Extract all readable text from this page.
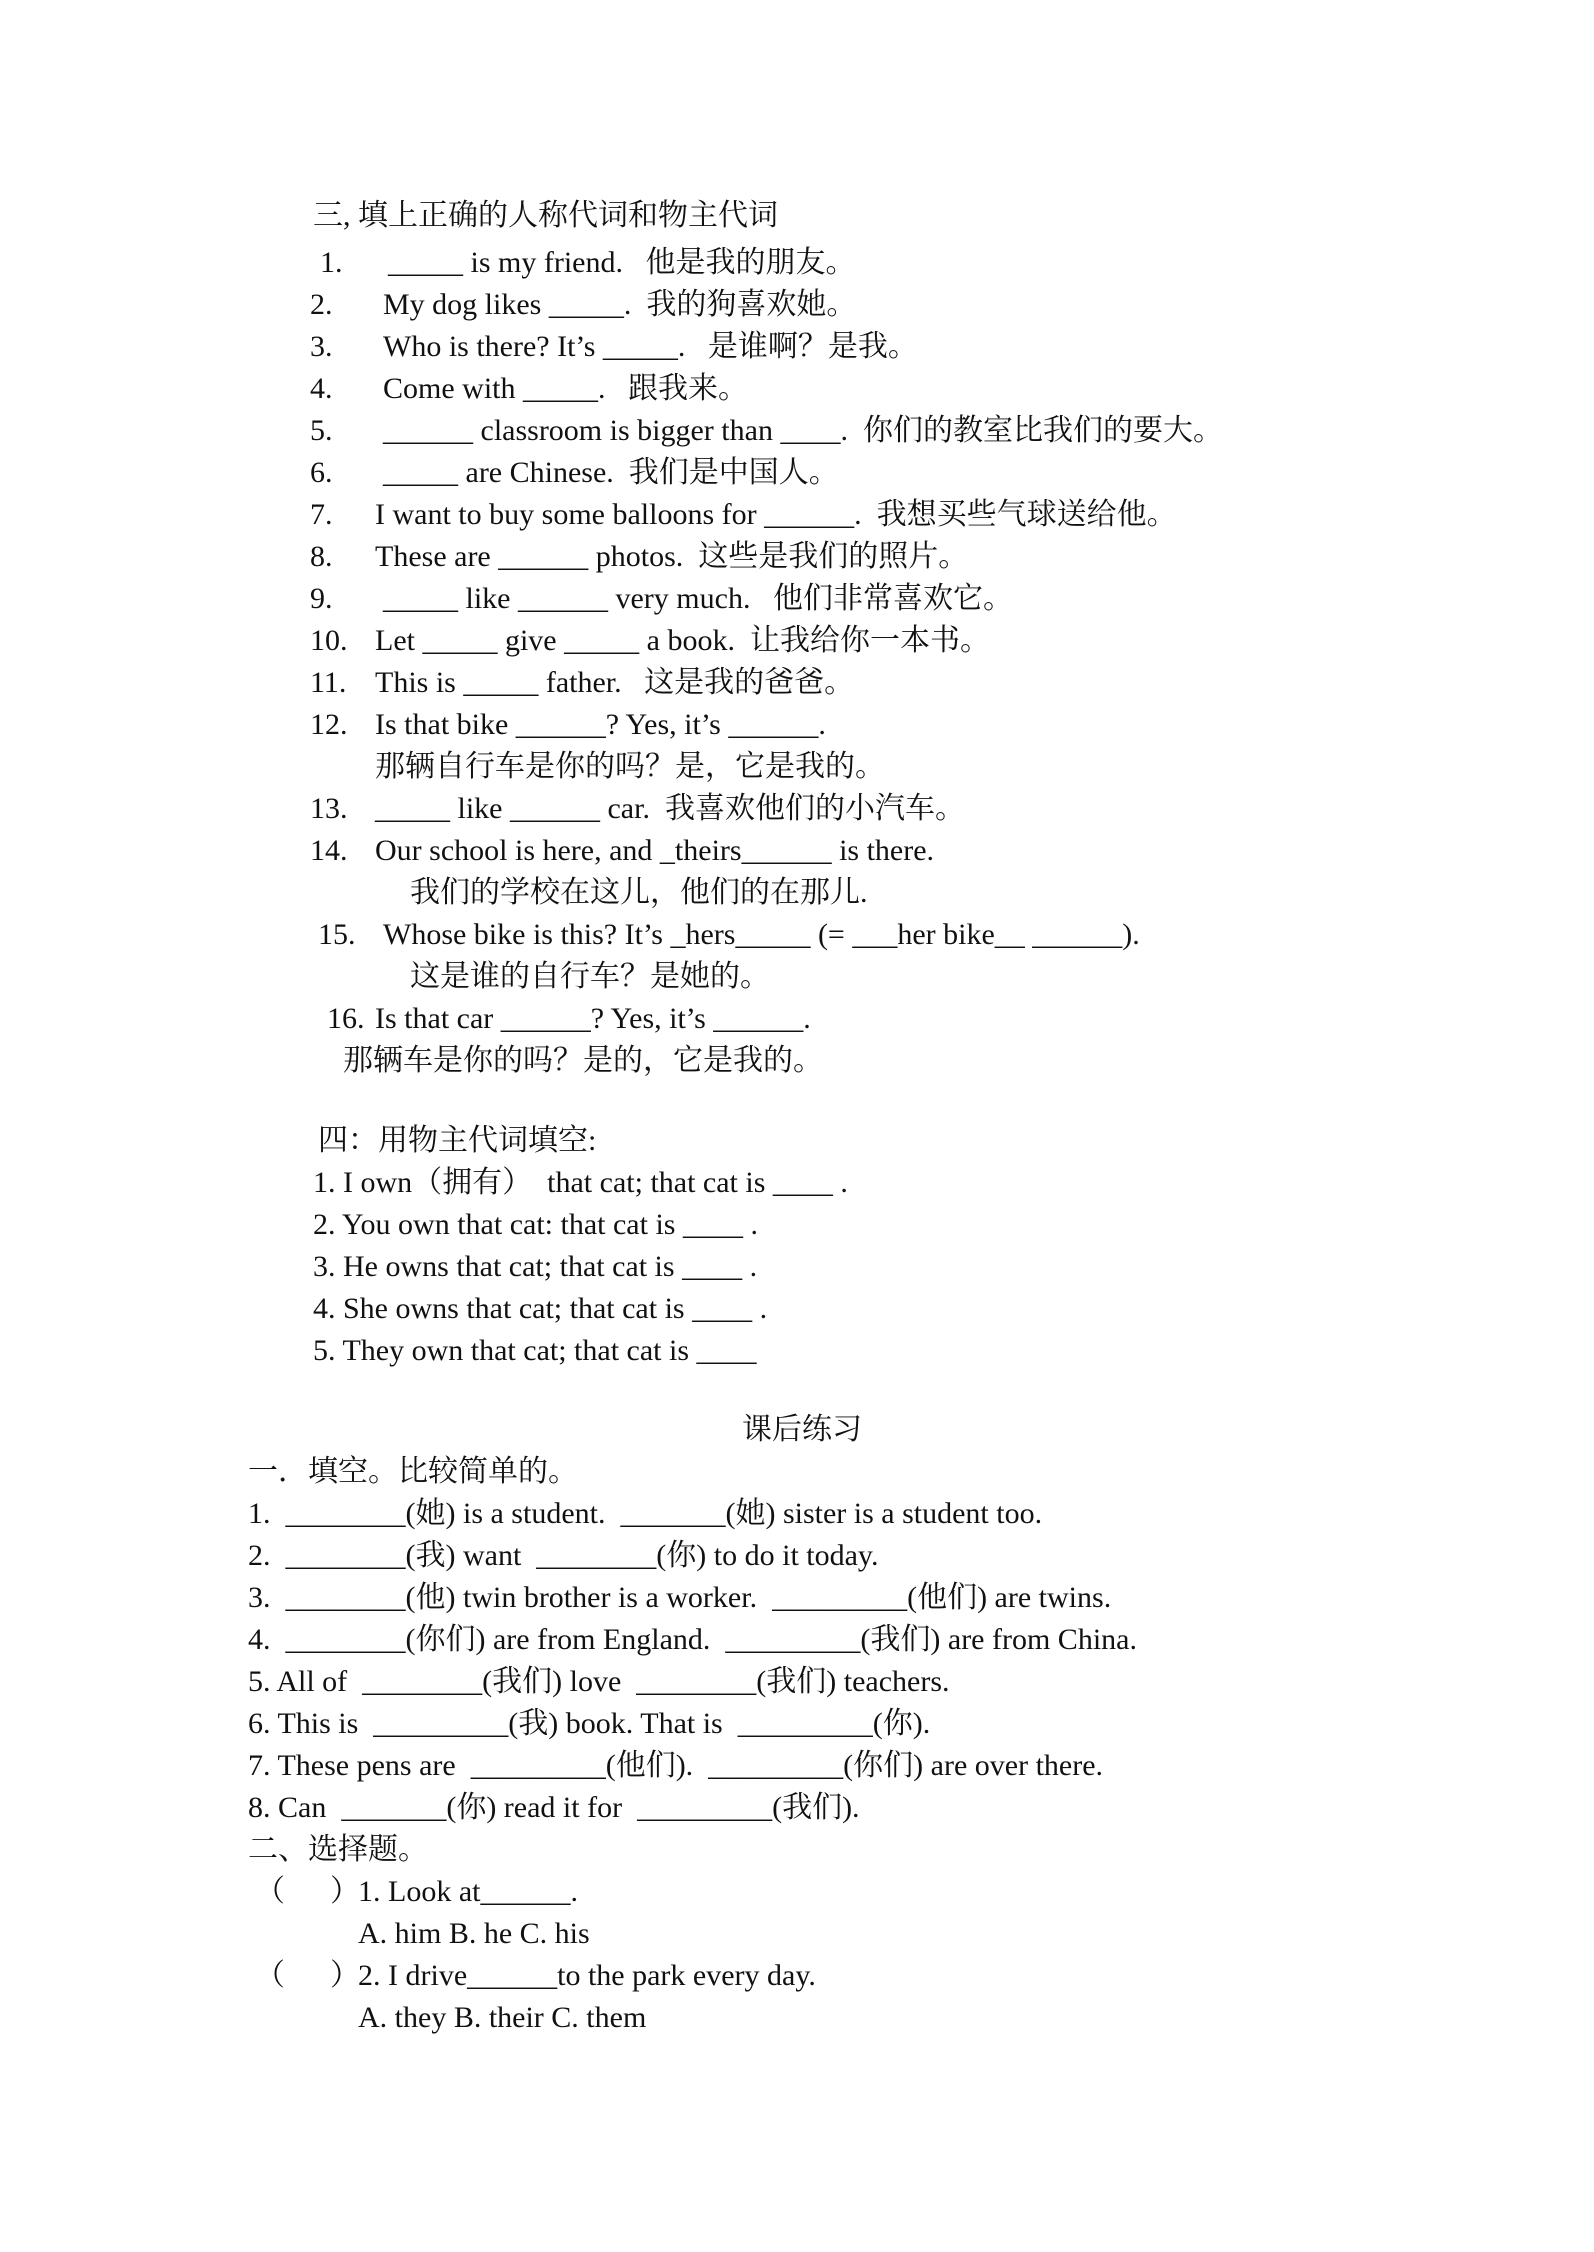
三, 填上正确的人称代词和物主代词
1. _____ is my friend.   他是我的朋友。
2. My dog likes _____.  我的狗喜欢她。
3. Who is there? It’s _____.   是谁啊？是我。
4. Come with _____.   跟我来。
5. ______ classroom is bigger than ____.  你们的教室比我们的要大。
6. _____ are Chinese.  我们是中国人。
7. I want to buy some balloons for ______.  我想买些气球送给他。
8. These are ______ photos.  这些是我们的照片。
9. _____ like ______ very much.   他们非常喜欢它。
10. Let _____ give _____ a book.  让我给你一本书。
11. This is _____ father.   这是我的爸爸。
12. Is that bike ______? Yes, it’s ______.
那辆自行车是你的吗？是，它是我的。
13. _____ like ______ car.  我喜欢他们的小汽车。
14. Our school is here, and _theirs______ is there.
我们的学校在这儿，他们的在那儿.
15. Whose bike is this? It’s _hers_____ (= ___her bike__ ______).
这是谁的自行车？是她的。
16. Is that car ______? Yes, it’s ______.
那辆车是你的吗？是的，它是我的。
四：用物主代词填空:
1. I own（拥有）  that cat; that cat is ____ .
2. You own that cat: that cat is ____ .
3. He owns that cat; that cat is ____ .
4. She owns that cat; that cat is ____ .
5. They own that cat; that cat is ____
课后练习
一．填空。比较简单的。
1.  ________(她) is a student.  _______(她) sister is a student too.
2.  ________(我) want  ________(你) to do it today.
3.  ________(他) twin brother is a worker.  _________(他们) are twins.
4.  ________(你们) are from England.  _________(我们) are from China.
5. All of  ________(我们) love  ________(我们) teachers.
6. This is  _________(我) book. That is  _________(你).
7. These pens are  _________(他们).  _________(你们) are over there.
8. Can  _______(你) read it for  _________(我们).
二、选择题。
（      ）
1. Look at______.
A. him B. he C. his
（      ）
2. I drive______to the park every day.
A. they B. their C. them
